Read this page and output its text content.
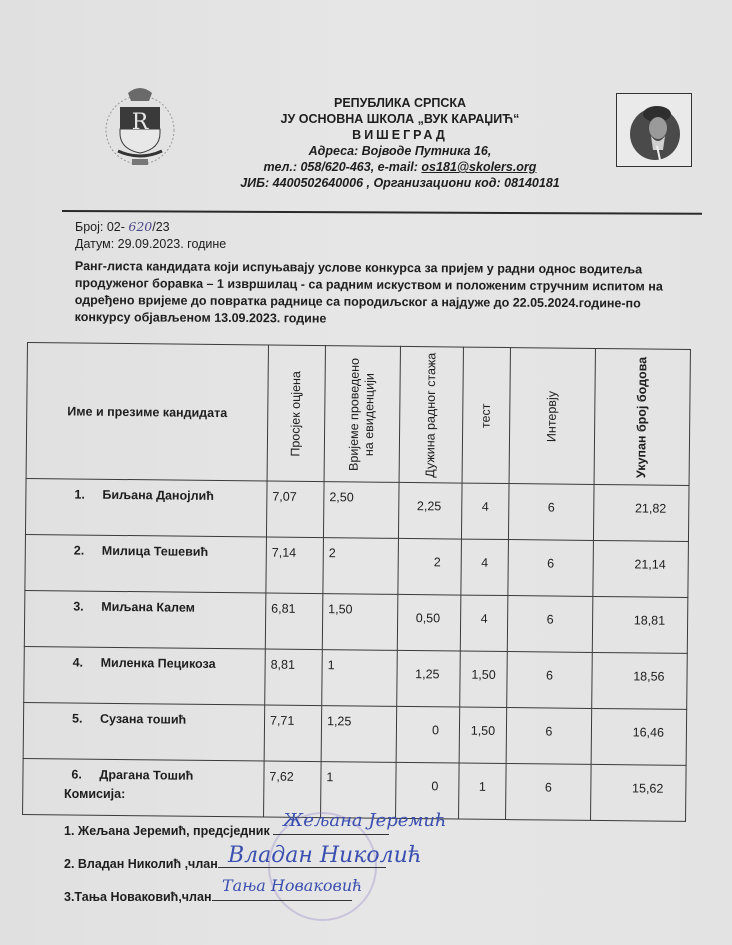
R
РЕПУБЛИКА СРПСКА
ЈУ ОСНОВНА ШКОЛА „ВУК КАРАЏИЋ“
ВИШЕГРАД
Адреса: Војводе Путника 16,
тел.: 058/620-463, e-mail: os181@skolers.org
ЈИБ: 4400502640006 , Организациони код: 08140181
Број: 02- 620/23
Датум: 29.09.2023. године
Ранг-листа кандидата који испуњавају услове конкурса за пријем у радни однос водитеља продуженог боравка – 1 извршилац - са радним искуством и положеним стручним испитом на одређено вријеме до повратка раднице са породиљског а најдуже до 22.05.2024.године-по конкурсу објављеном 13.09.2023. године
Име и презиме кандидата	Просјек оцјена	Вријеме проведено на евиденцији	Дужина радног стажа	тест	Интервју	Укупан број бодова

1. Биљана Данојлић	7,07	2,50	2,25	4	6	21,82
2. Милица Тешевић	7,14	2	2	4	6	21,14
3. Миљана Калем	6,81	1,50	0,50	4	6	18,81
4. Миленка Пецикоза	8,81	1	1,25	1,50	6	18,56
5. Сузана тошић	7,71	1,25	0	1,50	6	16,46
6. Драгана Тошић	7,62	1	0	1	6	15,62
Комисија:
1. Жељана Јеремић, предсједник Жељана Јеремић
2. Владан Николић ,члан Владан Николић
3.Тања Новаковић,члан
Тања Новаковић
